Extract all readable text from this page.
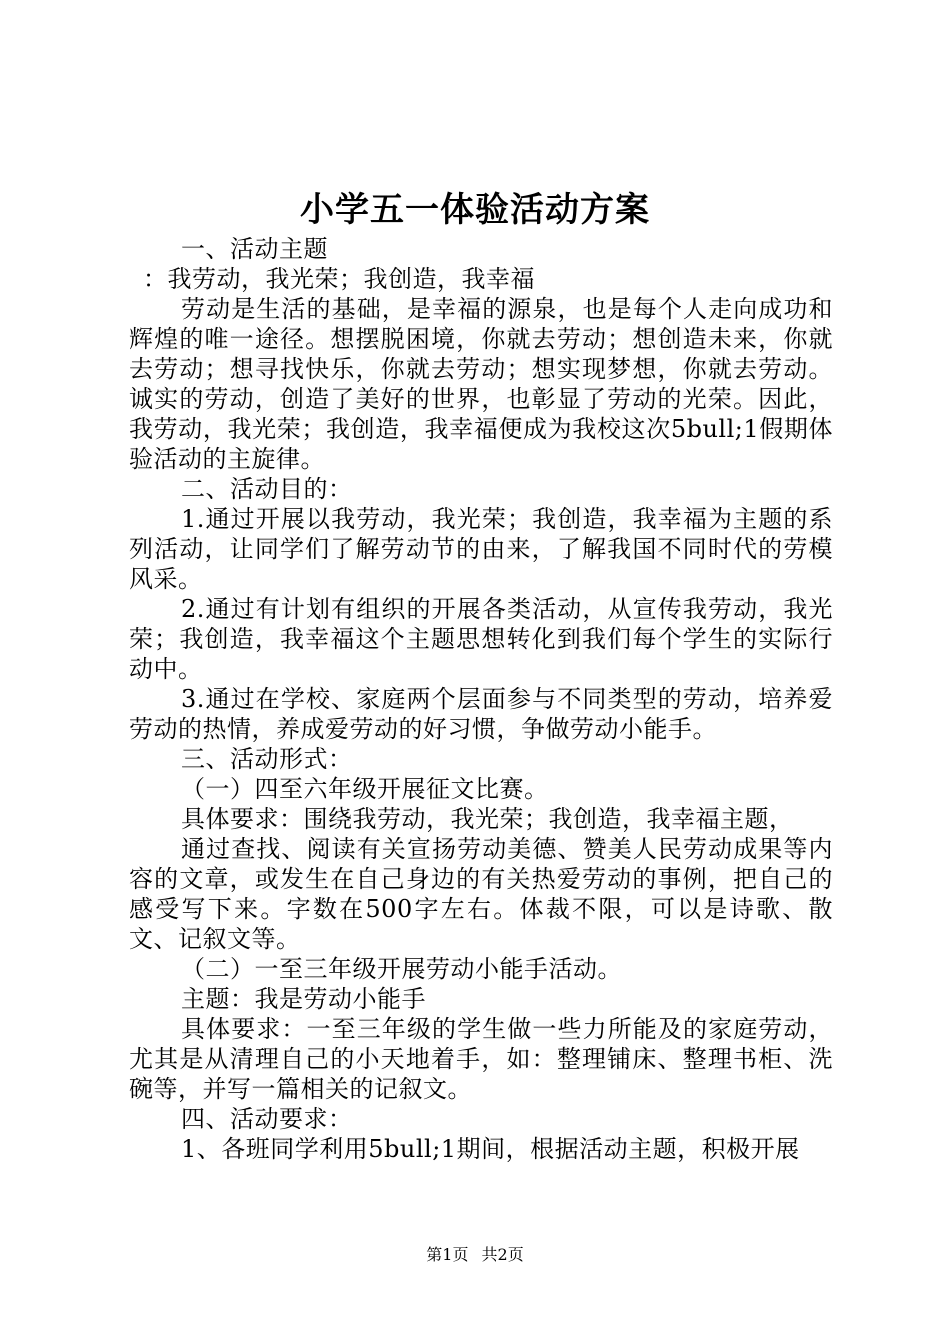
小学五一体验活动方案

一、活动主题

：我劳动，我光荣；我创造，我幸福

劳动是生活的基础，是幸福的源泉，也是每个人走向成功和辉煌的唯一途径。想摆脱困境，你就去劳动；想创造未来，你就去劳动；想寻找快乐，你就去劳动；想实现梦想，你就去劳动。诚实的劳动，创造了美好的世界，也彰显了劳动的光荣。因此，我劳动，我光荣；我创造，我幸福便成为我校这次5bull;1假期体验活动的主旋律。

二、活动目的：

1.通过开展以我劳动，我光荣；我创造，我幸福为主题的系列活动，让同学们了解劳动节的由来，了解我国不同时代的劳模风采。

2.通过有计划有组织的开展各类活动，从宣传我劳动，我光荣；我创造，我幸福这个主题思想转化到我们每个学生的实际行动中。

3.通过在学校、家庭两个层面参与不同类型的劳动，培养爱劳动的热情，养成爱劳动的好习惯，争做劳动小能手。

三、活动形式：

（一）四至六年级开展征文比赛。

具体要求：围绕我劳动，我光荣；我创造，我幸福主题，

通过查找、阅读有关宣扬劳动美德、赞美人民劳动成果等内容的文章，或发生在自己身边的有关热爱劳动的事例，把自己的感受写下来。字数在500字左右。体裁不限，可以是诗歌、散文、记叙文等。

（二）一至三年级开展劳动小能手活动。

主题：我是劳动小能手

具体要求：一至三年级的学生做一些力所能及的家庭劳动，尤其是从清理自己的小天地着手，如：整理铺床、整理书柜、洗碗等，并写一篇相关的记叙文。

四、活动要求：

1、各班同学利用5bull;1期间，根据活动主题，积极开展

第1页 共2页
